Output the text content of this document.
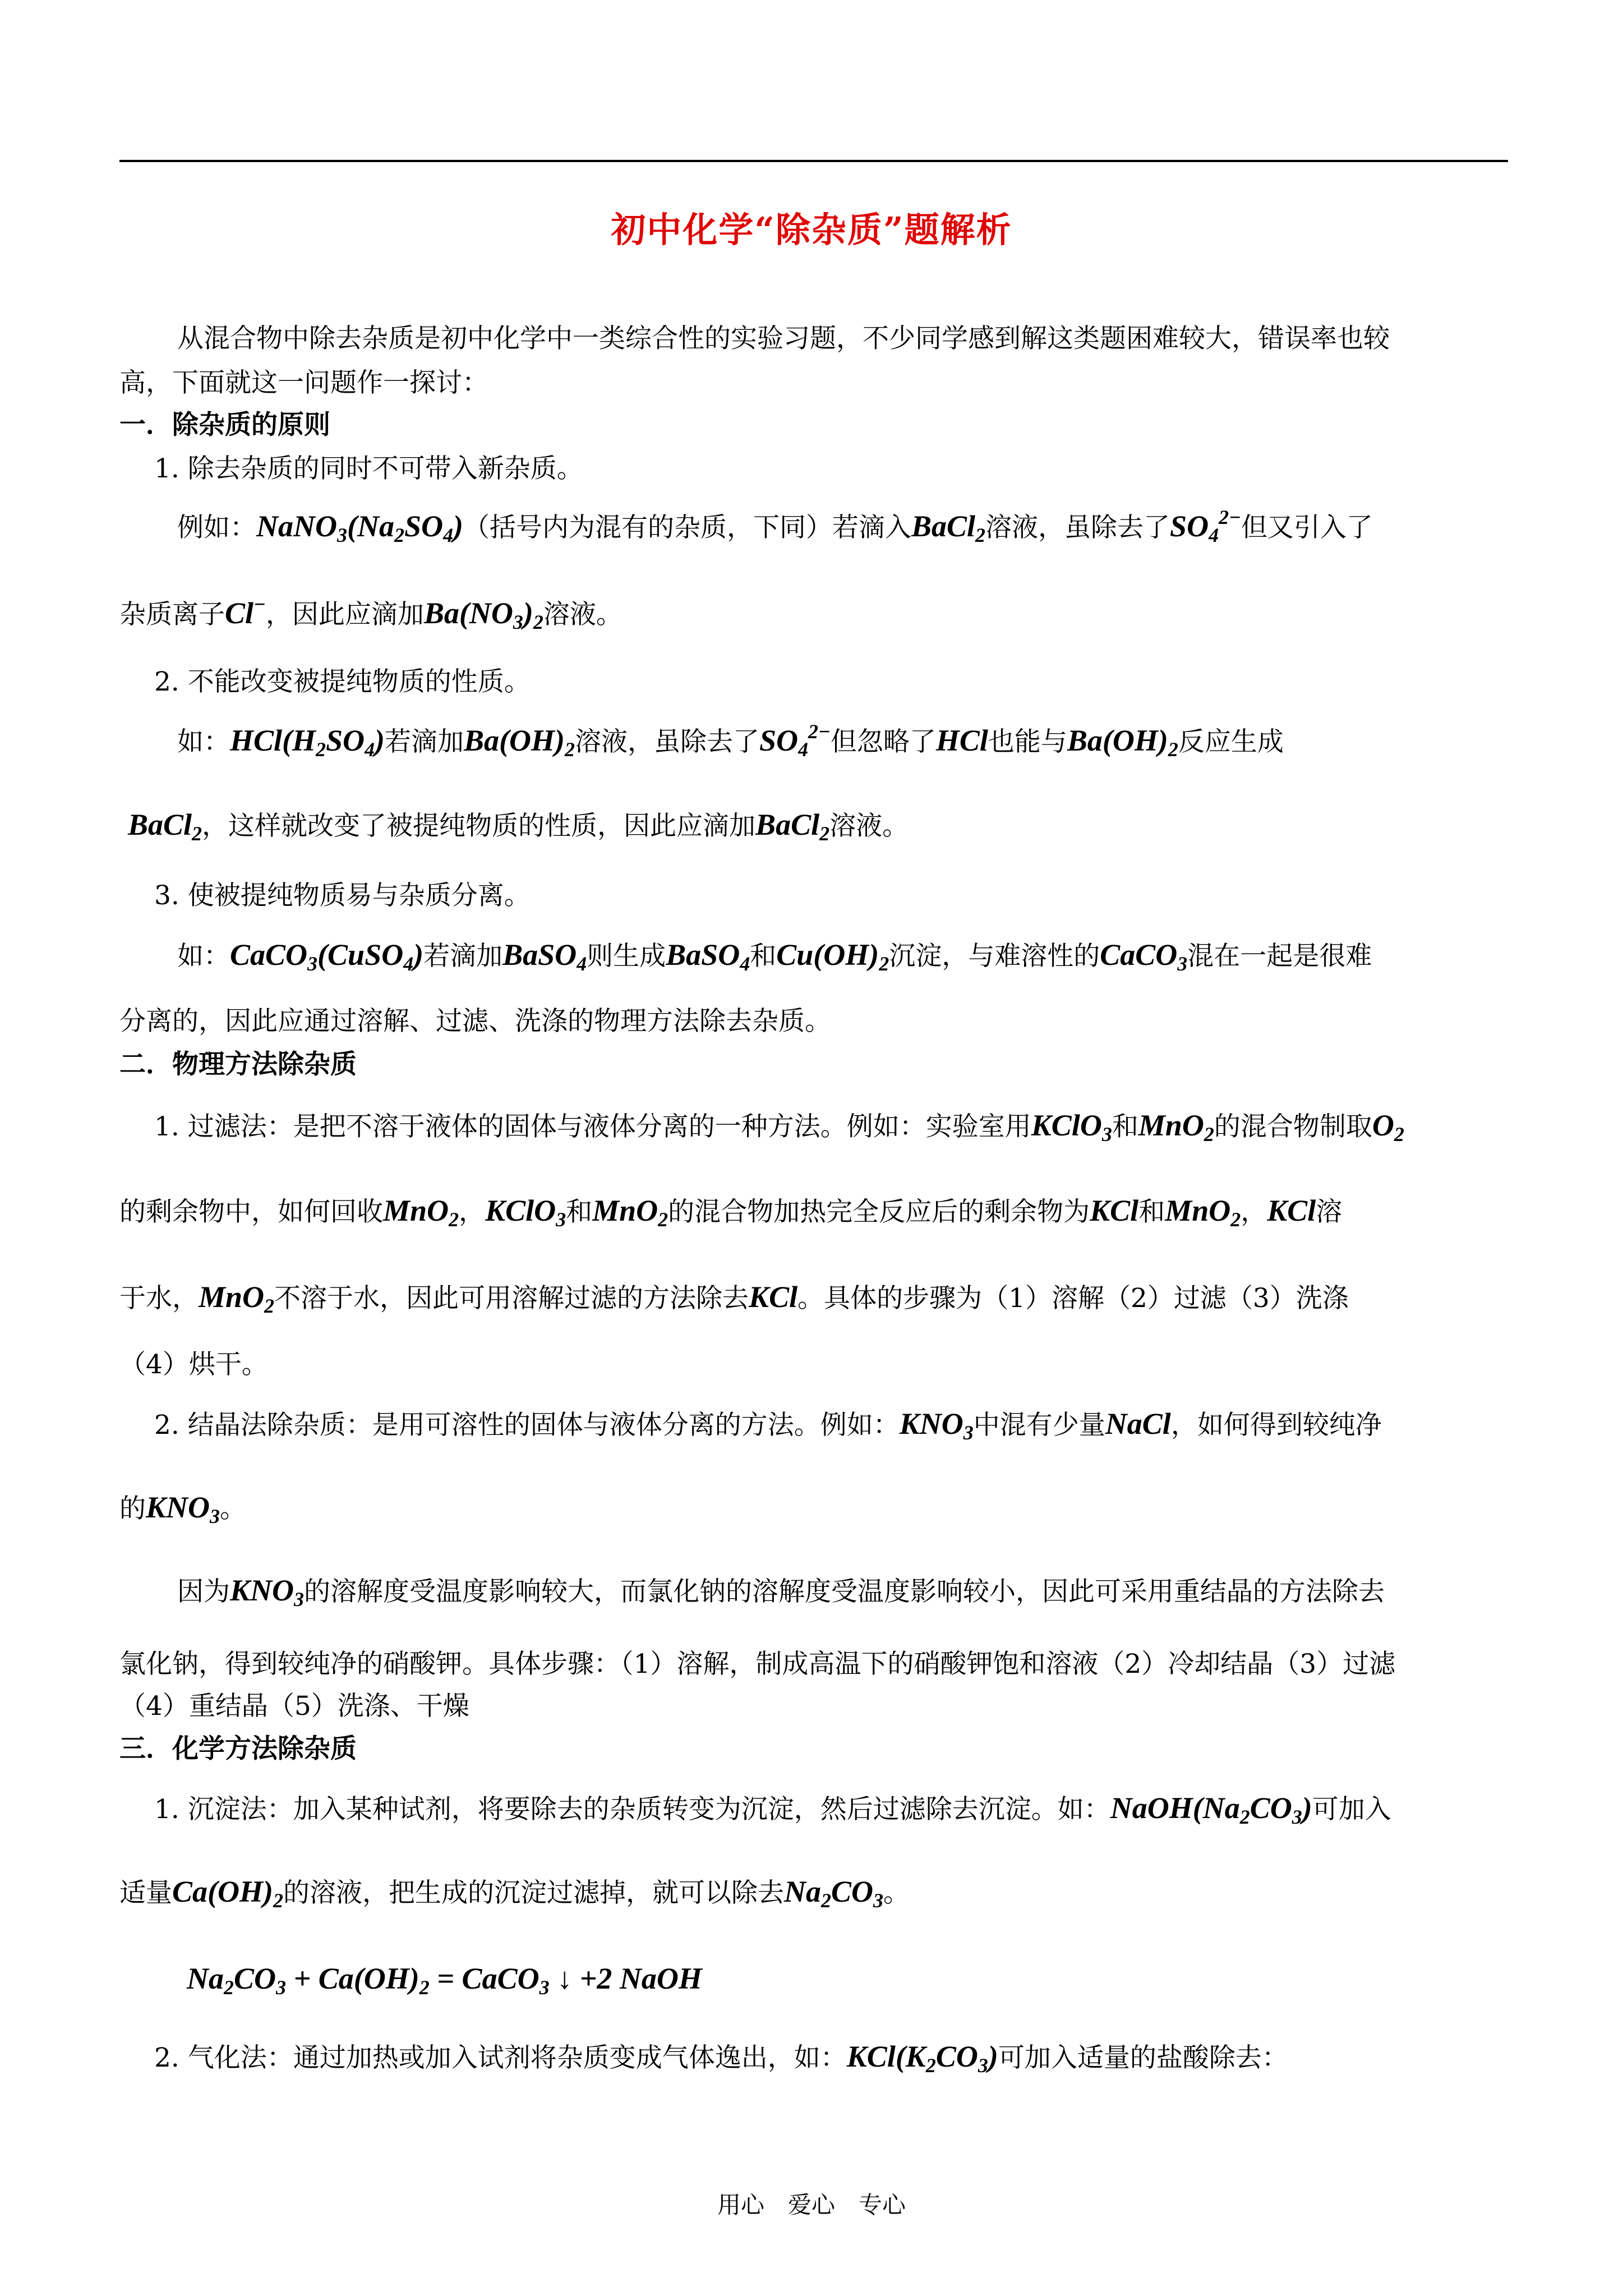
初中化学“除杂质”题解析
从混合物中除去杂质是初中化学中一类综合性的实验习题，不少同学感到解这类题困难较大，错误率也较
高，下面就这一问题作一探讨：
一．除杂质的原则
1. 除去杂质的同时不可带入新杂质。
例如：$NaNO_3(Na_2SO_4)$（括号内为混有的杂质，下同）若滴入BaCl$_2$溶液，虽除去了$SO_4^{2-}$但又引入了
杂质离子Cl−，因此应滴加$Ba(NO_3)_2$溶液。
2. 不能改变被提纯物质的性质。
如：$HCl(H_2SO_4)$若滴加$Ba(OH)_2$溶液，虽除去了$SO_4^{2-}$但忽略了HCl也能与$Ba(OH)_2$反应生成
BaCl$_2$，这样就改变了被提纯物质的性质，因此应滴加BaCl$_2$溶液。
3. 使被提纯物质易与杂质分离。
如：CaCO$_3$(CuSO$_4$)若滴加BaSO$_4$则生成BaSO$_4$和$Cu(OH)_2$沉淀，与难溶性的CaCO$_3$混在一起是很难
分离的，因此应通过溶解、过滤、洗涤的物理方法除去杂质。
二．物理方法除杂质
1. 过滤法：是把不溶于液体的固体与液体分离的一种方法。例如：实验室用KClO$_3$和MnO$_2$的混合物制取$O_2$
的剩余物中，如何回收MnO$_2$，KClO$_3$和MnO$_2$的混合物加热完全反应后的剩余物为KCl和MnO$_2$，KCl溶
于水，MnO$_2$不溶于水，因此可用溶解过滤的方法除去KCl。具体的步骤为（1）溶解（2）过滤（3）洗涤
（4）烘干。
2. 结晶法除杂质：是用可溶性的固体与液体分离的方法。例如：$KNO_3$中混有少量NaCl，如何得到较纯净
的$KNO_3$。
因为$KNO_3$的溶解度受温度影响较大，而氯化钠的溶解度受温度影响较小，因此可采用重结晶的方法除去
氯化钠，得到较纯净的硝酸钾。具体步骤：（1）溶解，制成高温下的硝酸钾饱和溶液（2）冷却结晶（3）过滤
（4）重结晶（5）洗涤、干燥
三．化学方法除杂质
1. 沉淀法：加入某种试剂，将要除去的杂质转变为沉淀，然后过滤除去沉淀。如：$NaOH(Na_2CO_3)$可加入
适量$Ca(OH)_2$的溶液，把生成的沉淀过滤掉，就可以除去$Na_2CO_3$。
$Na_2CO_3 + Ca(OH)_2$ = CaCO$_3$ ↓ +2 NaOH
2. 气化法：通过加热或加入试剂将杂质变成气体逸出，如：$KCl(K_2CO_3)$可加入适量的盐酸除去：
用心　爱心　专心
